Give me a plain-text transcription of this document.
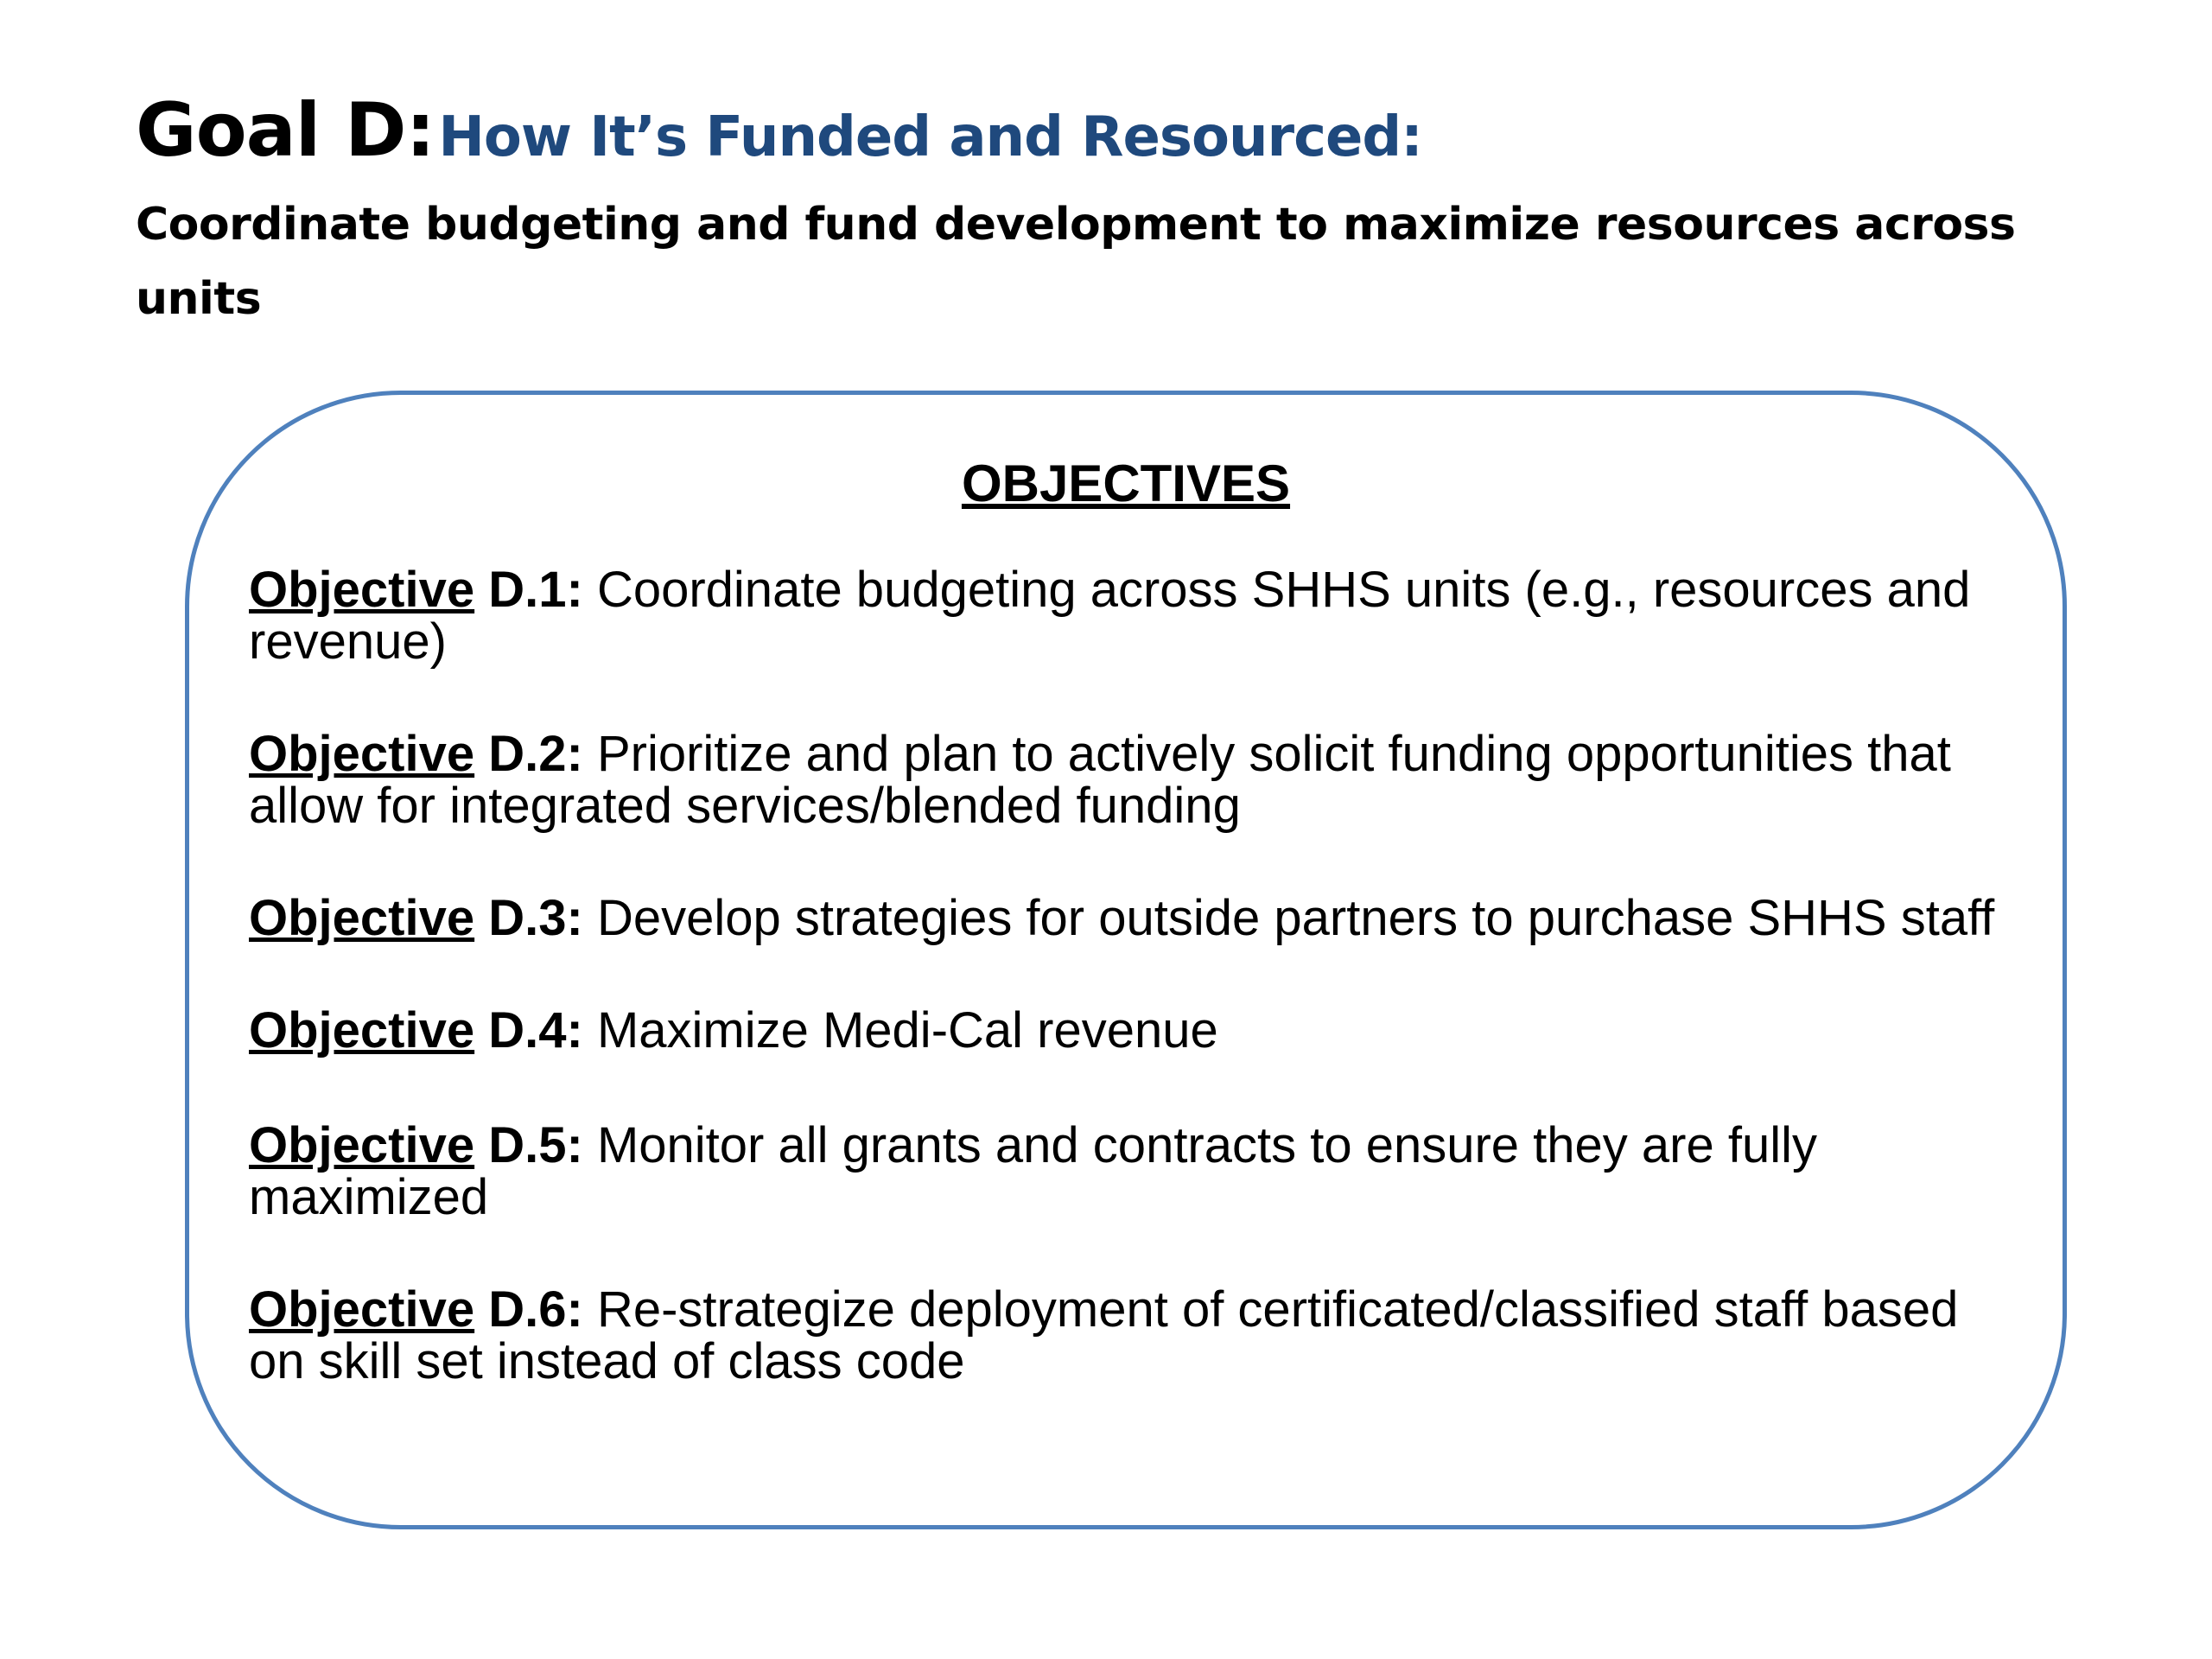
Goal D: How It’s Funded and Resourced:

Coordinate budgeting and fund development to maximize resources across units

OBJECTIVES

Objective D.1: Coordinate budgeting across SHHS units (e.g., resources and revenue)
Objective D.2: Prioritize and plan to actively solicit funding opportunities that allow for integrated services/blended funding
Objective D.3: Develop strategies for outside partners to purchase SHHS staff
Objective D.4: Maximize Medi-Cal revenue
Objective D.5: Monitor all grants and contracts to ensure they are fully maximized
Objective D.6: Re-strategize deployment of certificated/classified staff based on skill set instead of class code
